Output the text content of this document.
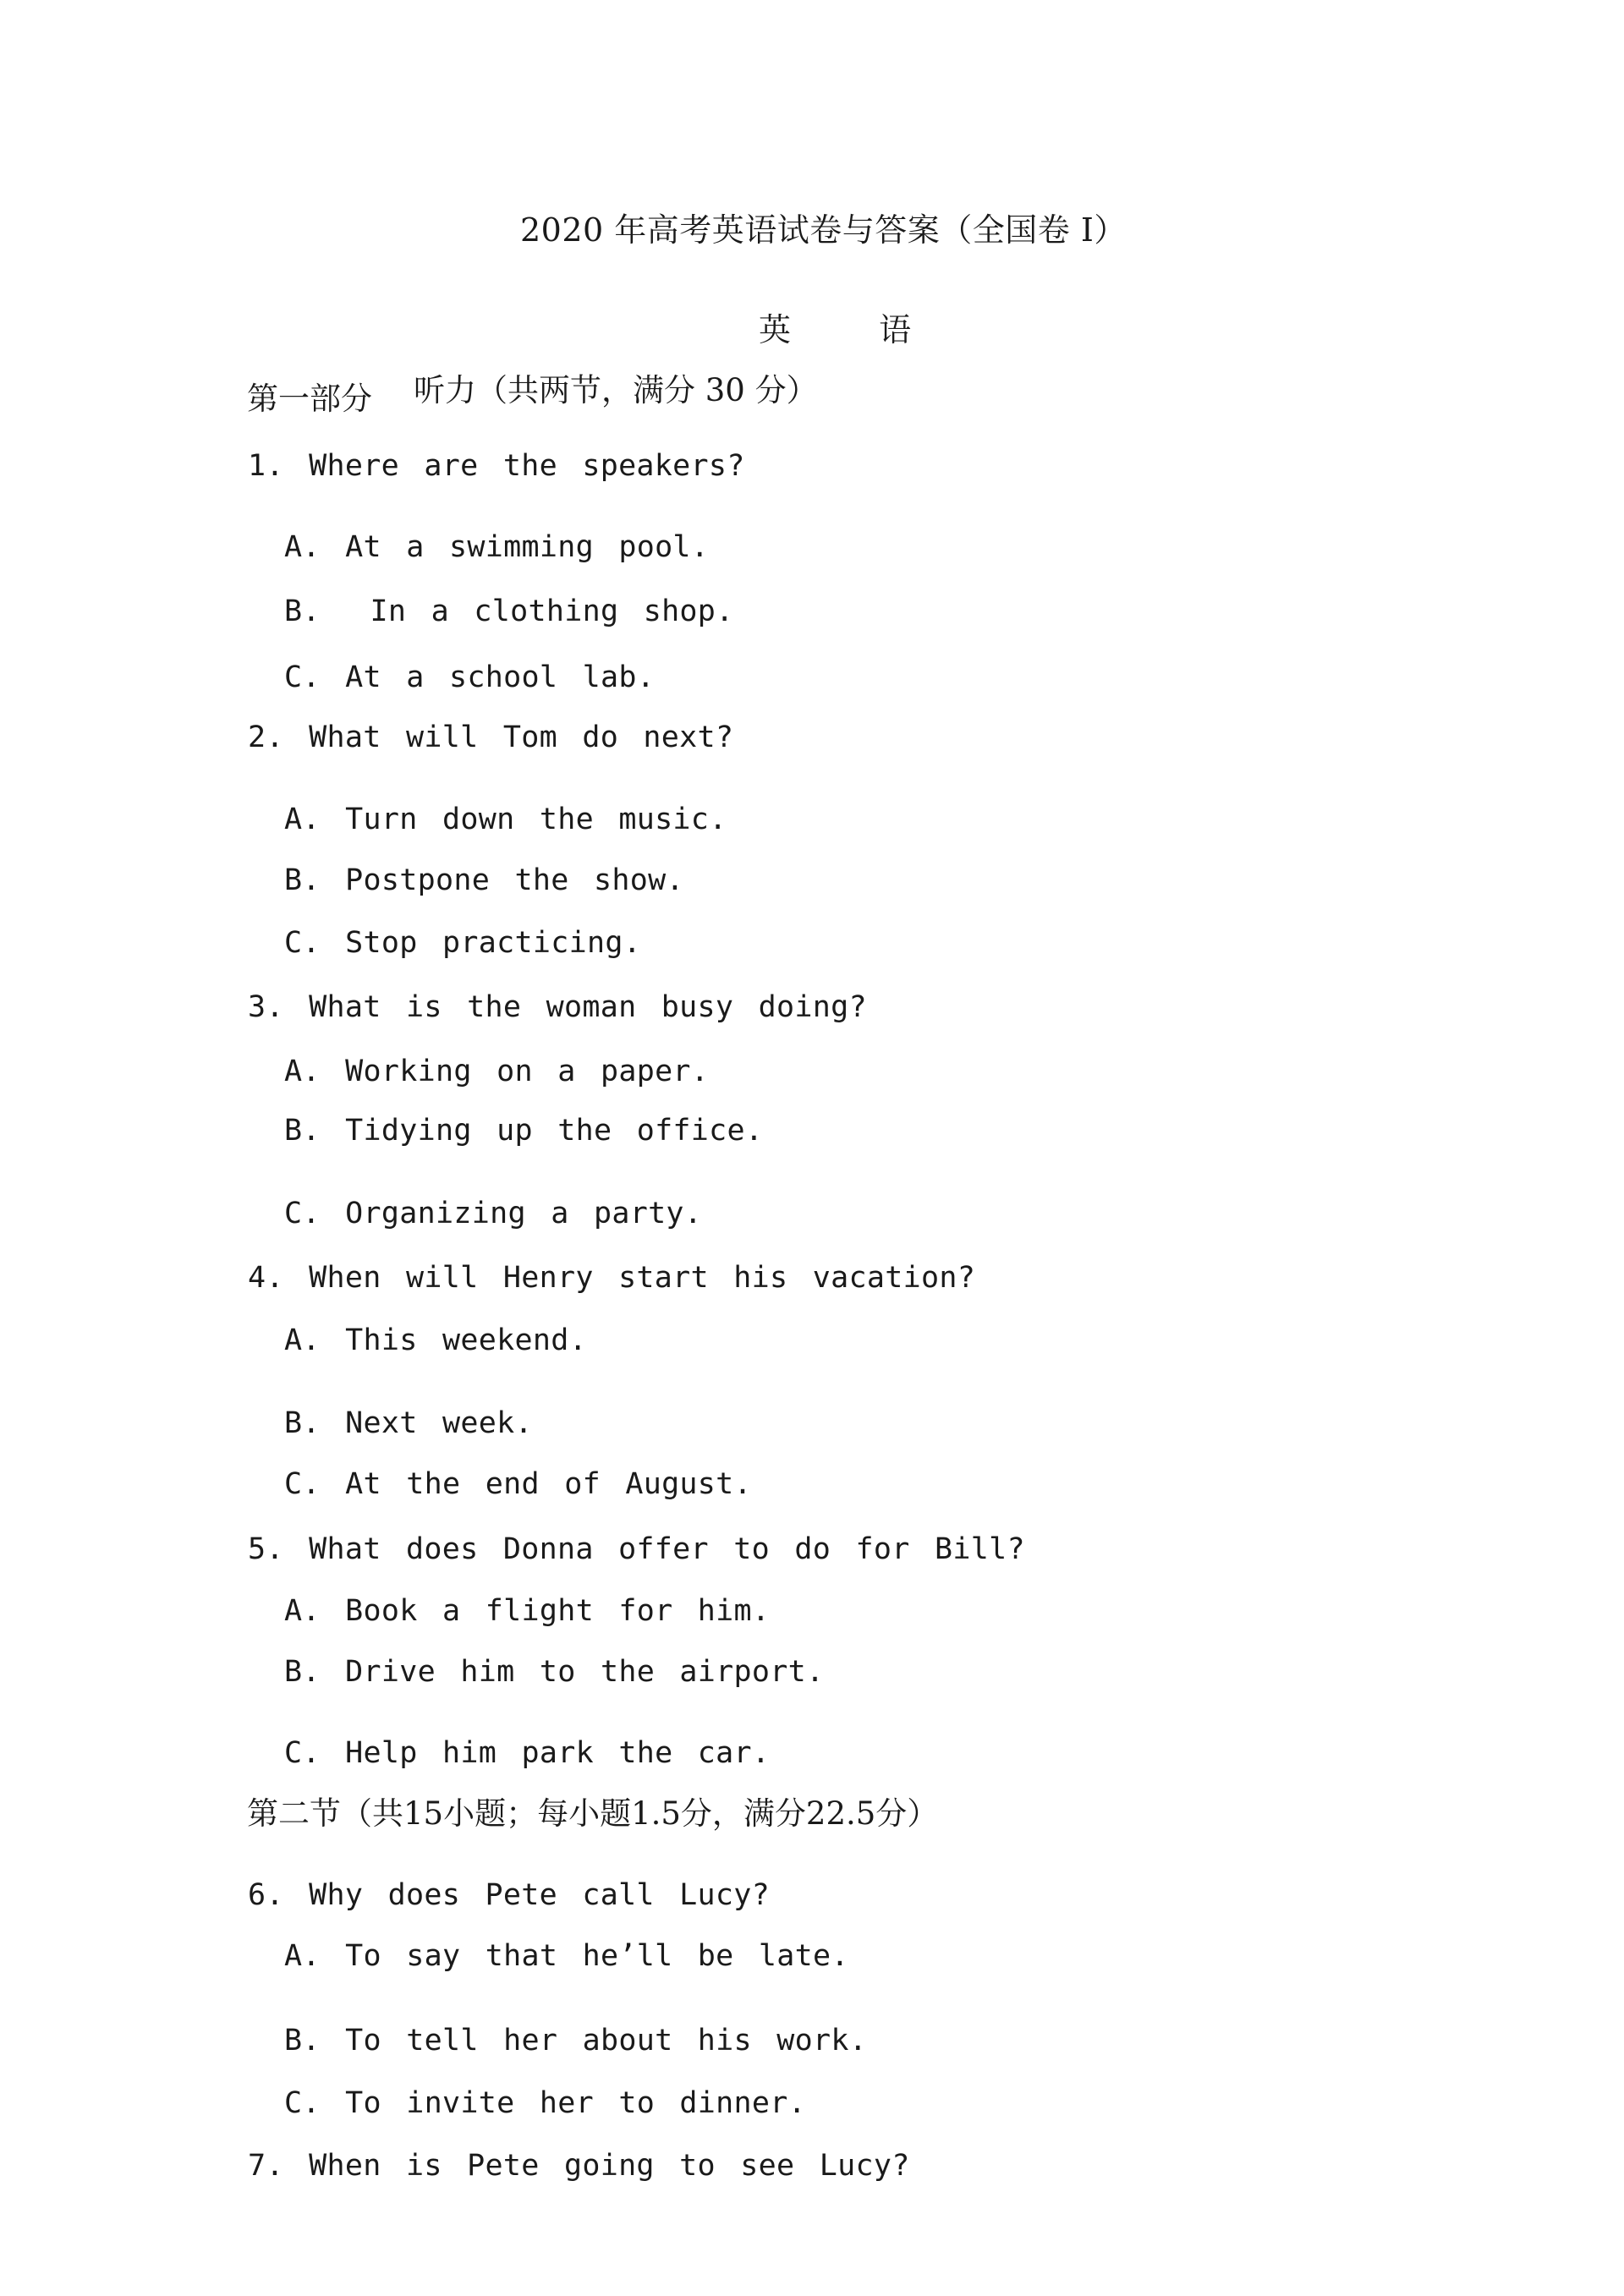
2020 年高考英语试卷与答案（全国卷 I）
英  语
第一部分 听力（共两节，满分 30 分）
1. Where are the speakers?
A. At a swimming pool.
B.  In a clothing shop.
C. At a school lab.
2. What will Tom do next?
A. Turn down the music.
B. Postpone the show.
C. Stop practicing.
3. What is the woman busy doing?
A. Working on a paper.
B. Tidying up the office.
C. Organizing a party.
4. When will Henry start his vacation?
A. This weekend.
B. Next week.
C. At the end of August.
5. What does Donna offer to do for Bill?
A. Book a flight for him.
B. Drive him to the airport.
C. Help him park the car.
第二节（共15小题；每小题1.5分，满分22.5分）
6. Why does Pete call Lucy?
A. To say that he’ll be late.
B. To tell her about his work.
C. To invite her to dinner.
7. When is Pete going to see Lucy?
